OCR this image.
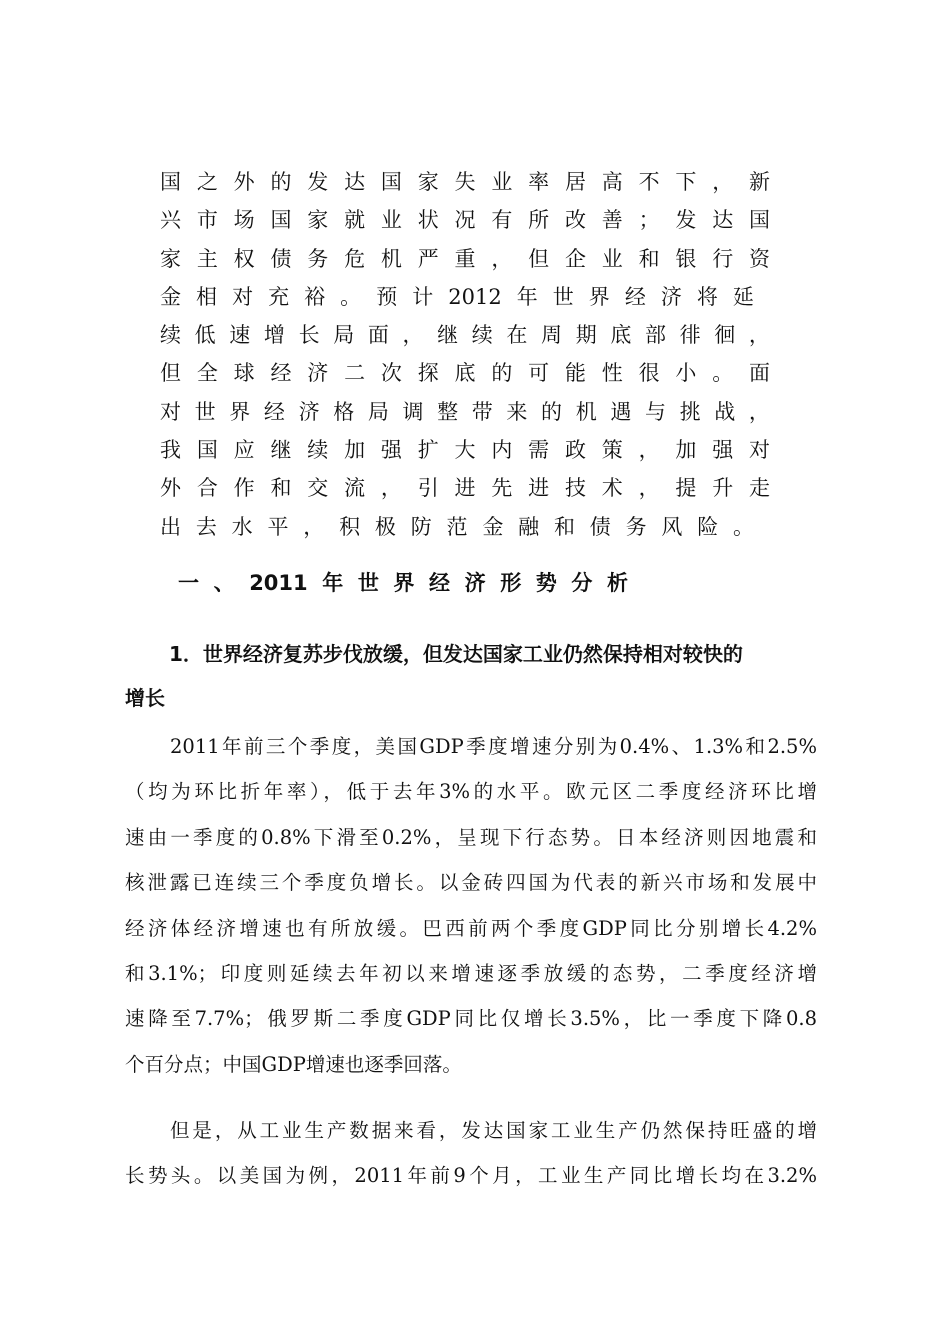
国 之 外 的 发 达 国 家 失 业 率 居 高 不 下 ， 新
兴 市 场 国 家 就 业 状 况 有 所 改 善 ； 发 达 国
家 主 权 债 务 危 机 严 重 ， 但 企 业 和 银 行 资
金 相 对 充 裕 。 预 计 2012 年 世 界 经 济 将 延
续 低 速 增 长 局 面 ， 继 续 在 周 期 底 部 徘 徊 ，
但 全 球 经 济 二 次 探 底 的 可 能 性 很 小 。 面
对 世 界 经 济 格 局 调 整 带 来 的 机 遇 与 挑 战 ，
我 国 应 继 续 加 强 扩 大 内 需 政 策 ， 加 强 对
外 合 作 和 交 流 ， 引 进 先 进 技 术 ， 提 升 走
出 去 水 平 ， 积 极 防 范 金 融 和 债 务 风 险 。
一 、 2011 年 世 界 经 济 形 势 分 析
1．世界经济复苏步伐放缓，但发达国家工业仍然保持相对较快的
增长
2011年前三个季度，美国GDP季度增速分别为0.4%、1.3%和2.5%
（均为环比折年率），低于去年3%的水平。欧元区二季度经济环比增
速由一季度的0.8%下滑至0.2%，呈现下行态势。日本经济则因地震和
核泄露已连续三个季度负增长。以金砖四国为代表的新兴市场和发展中
经济体经济增速也有所放缓。巴西前两个季度GDP同比分别增长4.2%
和3.1%；印度则延续去年初以来增速逐季放缓的态势，二季度经济增
速降至7.7%；俄罗斯二季度GDP同比仅增长3.5%，比一季度下降0.8
个百分点；中国GDP增速也逐季回落。
但是，从工业生产数据来看，发达国家工业生产仍然保持旺盛的增
长势头。以美国为例，2011年前9个月，工业生产同比增长均在3.2%
